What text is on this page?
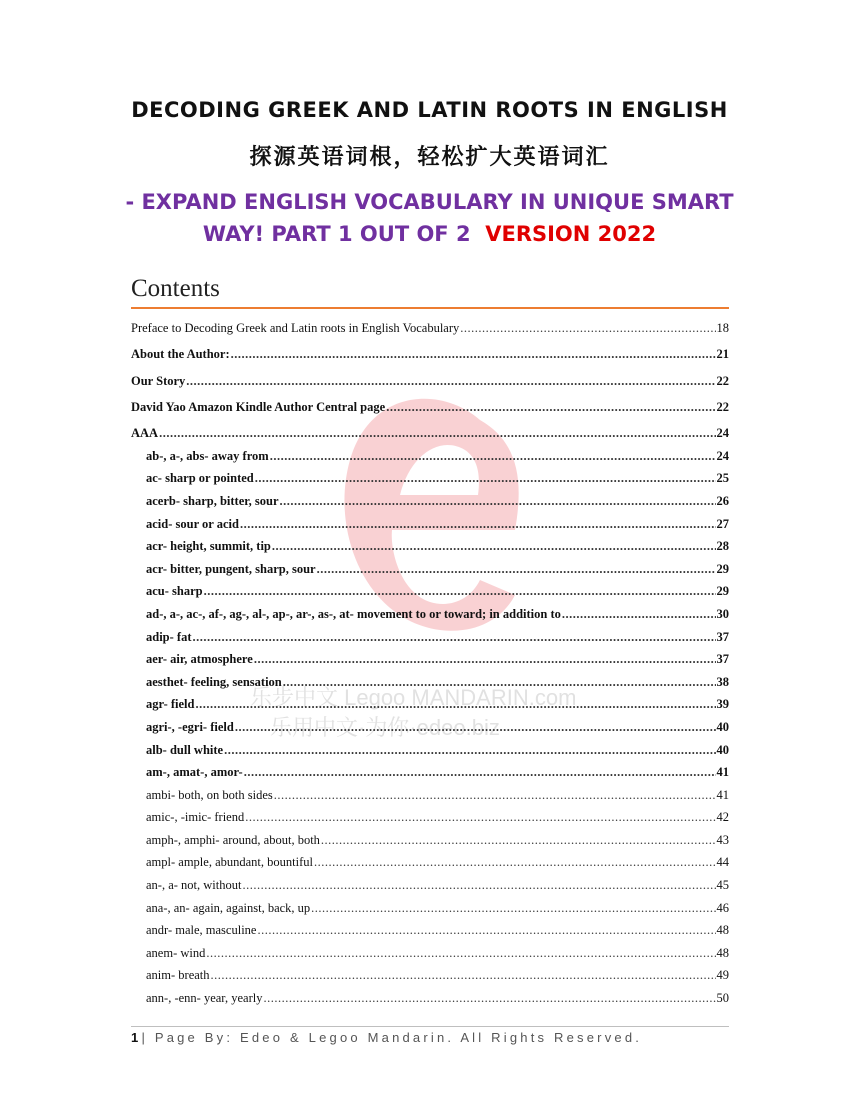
乐步中文 Legoo MANDARIN.com
乐用中文·为你·edeo.biz
DECODING GREEK AND LATIN ROOTS IN ENGLISH
探源英语词根，轻松扩大英语词汇
- EXPAND ENGLISH VOCABULARY IN UNIQUE SMART
WAY! PART 1 OUT OF 2 VERSION 2022
Contents
Preface to Decoding Greek and Latin roots in English Vocabulary .....	18
About the Author: .....	21
Our Story .....	22
David Yao Amazon Kindle Author Central page .....	22
AAA .....	24
ab-, a-, abs- away from .....	24
ac- sharp or pointed .....	25
acerb- sharp, bitter, sour .....	26
acid- sour or acid .....	27
acr- height, summit, tip .....	28
acr- bitter, pungent, sharp, sour .....	29
acu- sharp .....	29
ad-, a-, ac-, af-, ag-, al-, ap-, ar-, as-, at- movement to or toward; in addition to .....	30
adip- fat .....	37
aer- air, atmosphere .....	37
aesthet- feeling, sensation .....	38
agr- field .....	39
agri-, -egri- field .....	40
alb- dull white .....	40
am-, amat-, amor- .....	41
ambi- both, on both sides .....	41
amic-, -imic- friend .....	42
amph-, amphi- around, about, both .....	43
ampl- ample, abundant, bountiful .....	44
an-, a- not, without .....	45
ana-, an- again, against, back, up .....	46
andr- male, masculine .....	48
anem- wind .....	48
anim- breath .....	49
ann-, -enn- year, yearly .....	50
1| Page By: Edeo & Legoo Mandarin. All Rights Reserved.
